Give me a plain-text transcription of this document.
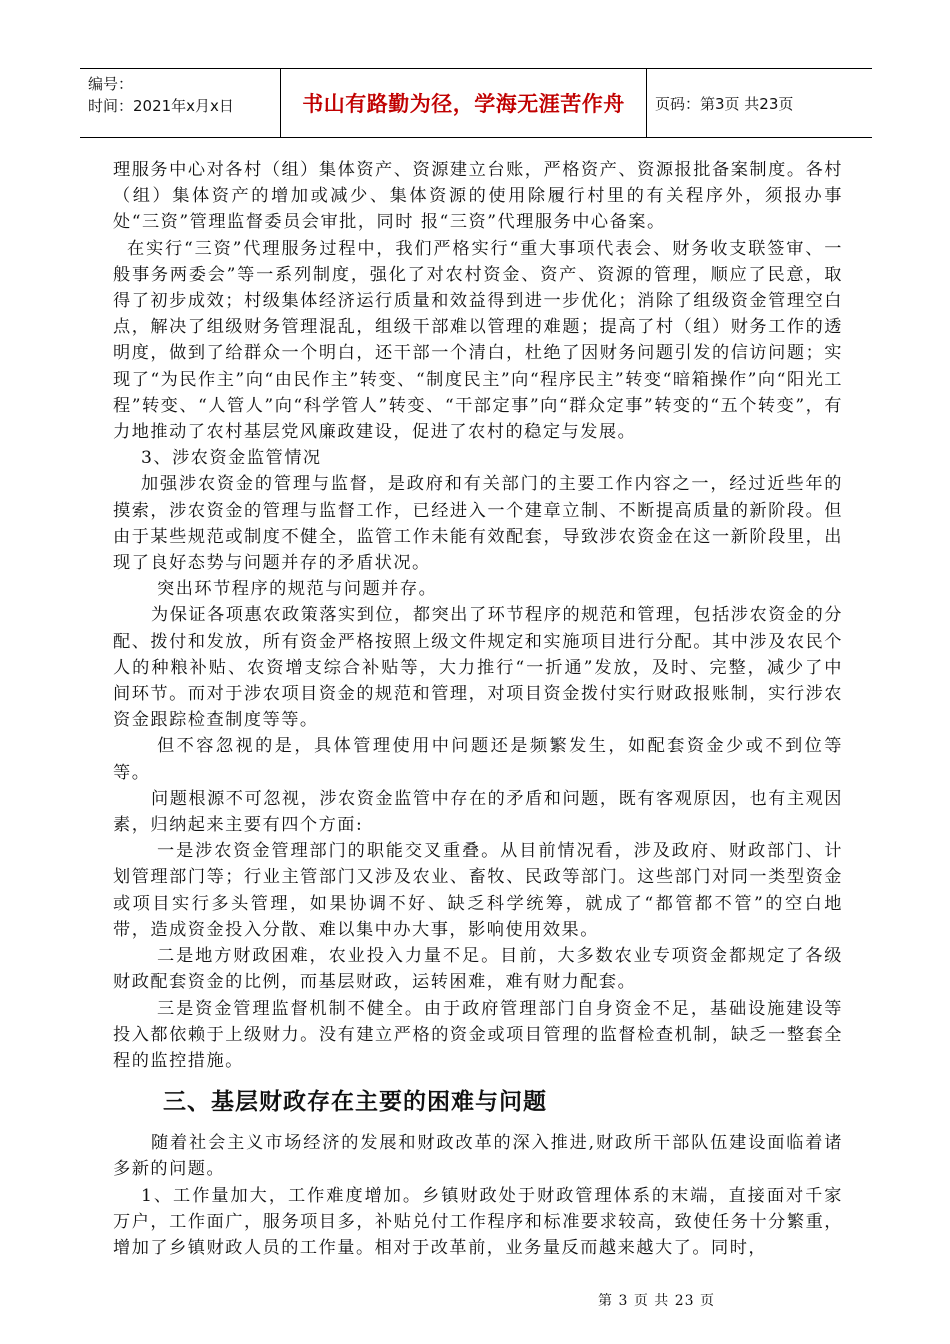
编号：
时间：2021年x月x日	书山有路勤为径，学海无涯苦作舟	页码：第3页 共23页

理服务中心对各村（组）集体资产、资源建立台账，严格资产、资源报批备案制度。各村（组）集体资产的增加或减少、集体资源的使用除履行村里的有关程序外，须报办事处“三资”管理监督委员会审批，同时 报“三资”代理服务中心备案。

在实行“三资”代理服务过程中，我们严格实行“重大事项代表会、财务收支联签审、一般事务两委会”等一系列制度，强化了对农村资金、资产、资源的管理，顺应了民意，取得了初步成效；村级集体经济运行质量和效益得到进一步优化；消除了组级资金管理空白点，解决了组级财务管理混乱，组级干部难以管理的难题；提高了村（组）财务工作的透明度，做到了给群众一个明白，还干部一个清白，杜绝了因财务问题引发的信访问题；实现了“为民作主”向“由民作主”转变、“制度民主”向“程序民主”转变“暗箱操作”向“阳光工程”转变、“人管人”向“科学管人”转变、“干部定事”向“群众定事”转变的“五个转变”，有力地推动了农村基层党风廉政建设，促进了农村的稳定与发展。

3、涉农资金监管情况

加强涉农资金的管理与监督，是政府和有关部门的主要工作内容之一，经过近些年的摸索，涉农资金的管理与监督工作，已经进入一个建章立制、不断提高质量的新阶段。但由于某些规范或制度不健全，监管工作未能有效配套，导致涉农资金在这一新阶段里，出现了良好态势与问题并存的矛盾状况。

突出环节程序的规范与问题并存。

为保证各项惠农政策落实到位，都突出了环节程序的规范和管理，包括涉农资金的分配、拨付和发放，所有资金严格按照上级文件规定和实施项目进行分配。其中涉及农民个人的种粮补贴、农资增支综合补贴等，大力推行“一折通”发放，及时、完整，减少了中间环节。而对于涉农项目资金的规范和管理，对项目资金拨付实行财政报账制，实行涉农资金跟踪检查制度等等。

但不容忽视的是，具体管理使用中问题还是频繁发生，如配套资金少或不到位等等。

问题根源不可忽视，涉农资金监管中存在的矛盾和问题，既有客观原因，也有主观因素，归纳起来主要有四个方面:

一是涉农资金管理部门的职能交叉重叠。从目前情况看，涉及政府、财政部门、计划管理部门等；行业主管部门又涉及农业、畜牧、民政等部门。这些部门对同一类型资金或项目实行多头管理，如果协调不好、缺乏科学统筹，就成了“都管都不管”的空白地带，造成资金投入分散、难以集中办大事，影响使用效果。

二是地方财政困难，农业投入力量不足。目前，大多数农业专项资金都规定了各级财政配套资金的比例，而基层财政，运转困难，难有财力配套。

三是资金管理监督机制不健全。由于政府管理部门自身资金不足，基础设施建设等投入都依赖于上级财力。没有建立严格的资金或项目管理的监督检查机制，缺乏一整套全程的监控措施。

三、基层财政存在主要的困难与问题

随着社会主义市场经济的发展和财政改革的深入推进,财政所干部队伍建设面临着诸多新的问题。

1、工作量加大，工作难度增加。乡镇财政处于财政管理体系的末端，直接面对千家万户，工作面广，服务项目多，补贴兑付工作程序和标准要求较高，致使任务十分繁重，增加了乡镇财政人员的工作量。相对于改革前，业务量反而越来越大了。同时，

第 3 页 共 23 页
